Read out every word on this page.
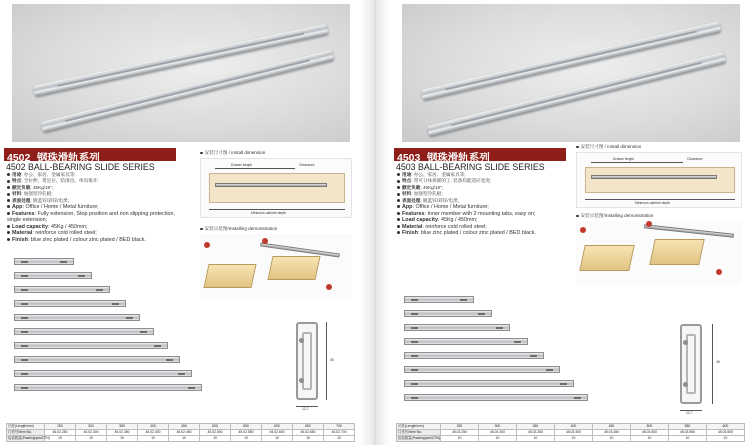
4502 钢珠滑轨系列
4502 BALL-BEARING SLIDE SERIES
用途: 办公、家居、金属家具等;
特点: 全拉伸、带定位、防滑出、单向推开;
额定负载: 45Kg/18";
材料: 加强型冷轧板;
表面处理: 镀蓝锌/彩锌/电黑;
App: Office / Home / Metal furniture;
Features: Fully extension, Stop position and non slipping protection, single extension;
Load capacity: 45Kg / 450mm;
Material: reinforce cold rolled steel;
Finish: blue zinc plated / colour zinc plated / BED black.
安装尺寸图 / install dimension
Drawer length	Clearance
Minimum cabinet depth
安装示范图/Installing demonstration
45
12.7
长度(Length/mm)	250	300	350	400	450	500	550	600	650	700
订货号/Item No.	45.02.250	45.02.300	45.02.350	45.02.400	45.02.450	45.02.500	45.02.550	45.02.600	45.02.650	45.02.700
包装数量(Packing/pcs/CTN)	10	10	10	10	10	10	10	10	10	10
4503 钢珠滑轨系列
4503 BALL-BEARING SLIDE SERIES
用途: 办公、家居、金属家具等;
特点: 带可分体拆卸的工, 装备均能适应宽度;
额定负载: 45Kg/18";
材料: 加强型冷轧板;
表面处理: 镀蓝锌/彩锌/电黑;
App: Office / Home / Metal furniture;
Features: Inner member with 2 mounting tabs, easy on;
Load capacity: 45Kg / 450mm;
Material: reinforce cold rolled steel;
Finish: blue zinc plated / colour zinc plated / BED black.
安装尺寸图 / install dimension
Drawer length	Clearance
Minimum cabinet depth
安装示范图/Installing demonstration
45
12.7
长度(Length/mm)	250	300	350	400	450	500	550	600
订货号/Item No.	45.03.250	45.03.300	45.03.350	45.03.400	45.03.450	45.03.500	45.03.550	45.03.600
包装数量(Packing/pcs/CTN)	10	10	10	10	10	10	10	10
